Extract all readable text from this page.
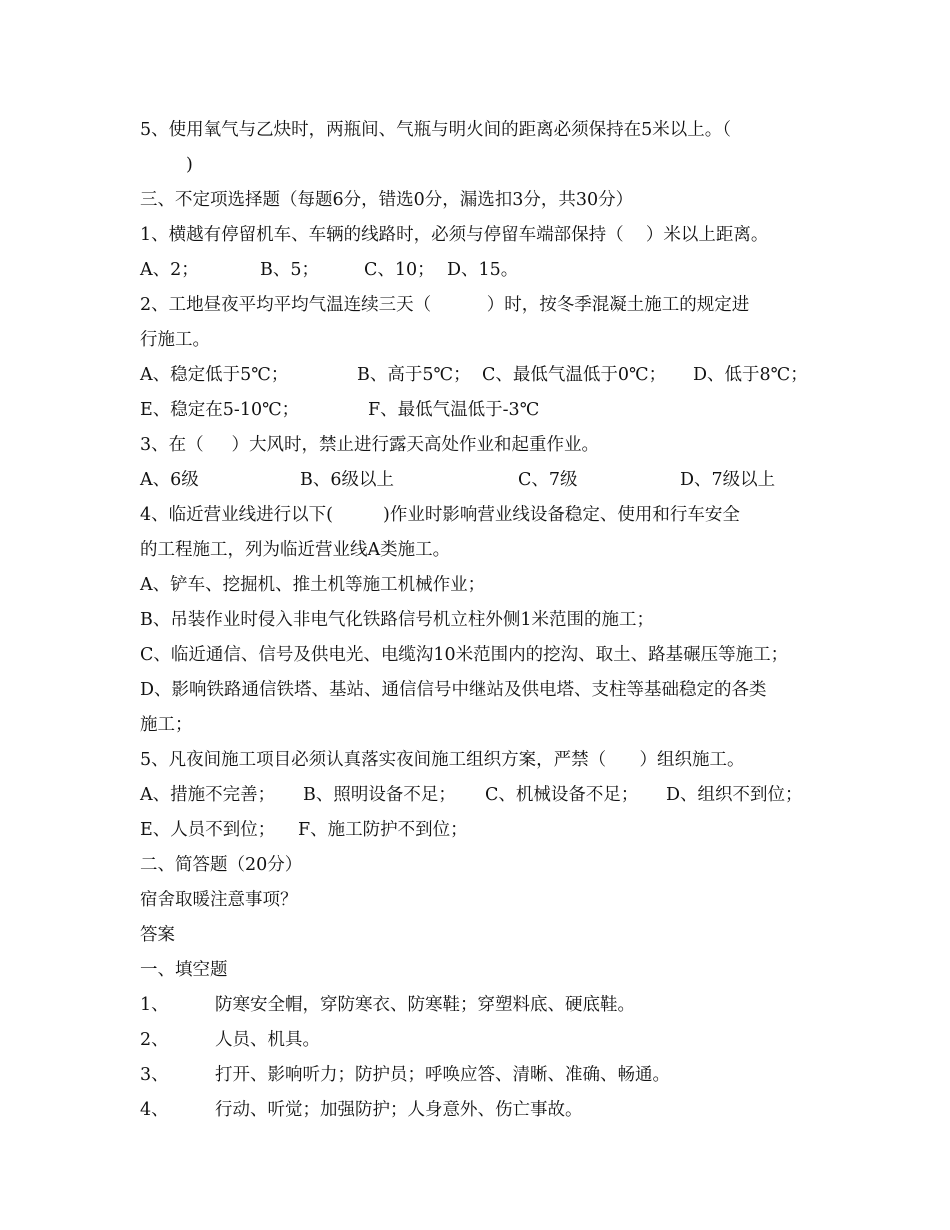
5、使用氧气与乙炔时，两瓶间、气瓶与明火间的距离必须保持在5米以上。（
)
三、不定项选择题（每题6分，错选0分，漏选扣3分，共30分）
1、横越有停留机车、车辆的线路时，必须与停留车端部保持（    ）米以上距离。
A、2；	B、5；	C、10； D、15。
2、工地昼夜平均平均气温连续三天（          ）时，按冬季混凝土施工的规定进
行施工。
A、稳定低于5℃；	B、高于5℃； C、最低气温低于0℃； D、低于8℃；
E、稳定在5-10℃；	F、最低气温低于-3℃
3、在（     ）大风时，禁止进行露天高处作业和起重作业。
A、6级	B、6级以上	C、7级	D、7级以上
4、临近营业线进行以下(         )作业时影响营业线设备稳定、使用和行车安全
的工程施工，列为临近营业线A类施工。
A、铲车、挖掘机、推土机等施工机械作业；
B、吊装作业时侵入非电气化铁路信号机立柱外侧1米范围的施工；
C、临近通信、信号及供电光、电缆沟10米范围内的挖沟、取土、路基碾压等施工；
D、影响铁路通信铁塔、基站、通信信号中继站及供电塔、支柱等基础稳定的各类
施工；
5、凡夜间施工项目必须认真落实夜间施工组织方案，严禁（      ）组织施工。
A、措施不完善； B、照明设备不足； C、机械设备不足； D、组织不到位；
E、人员不到位； F、施工防护不到位；
二、简答题（20分）
宿舍取暖注意事项？
答案
一、填空题
1、	防寒安全帽，穿防寒衣、防寒鞋；穿塑料底、硬底鞋。
2、	人员、机具。
3、	打开、影响听力；防护员；呼唤应答、清晰、准确、畅通。
4、	行动、听觉；加强防护；人身意外、伤亡事故。
